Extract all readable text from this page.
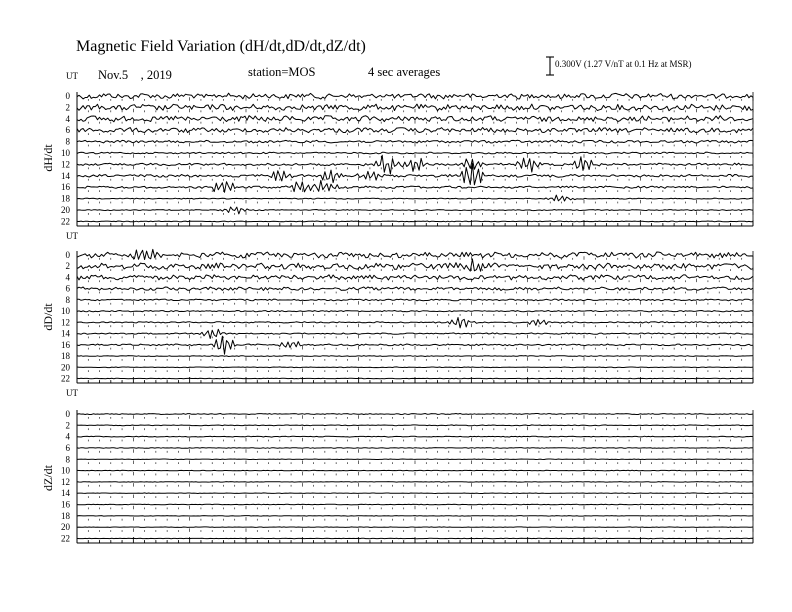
Magnetic Field Variation (dH/dt,dD/dt,dZ/dt)
Nov.5　, 2019	station=MOS	4 sec averages
0.300V (1.27 V/nT at 0.1 Hz at MSR)
UT
dH/dt
0
2
4
6
8
10
12
14
16
18
20
22
UT
dD/dt
0
2
4
6
8
10
12
14
16
18
20
22
UT
dZ/dt
0
2
4
6
8
10
12
14
16
18
20
22
